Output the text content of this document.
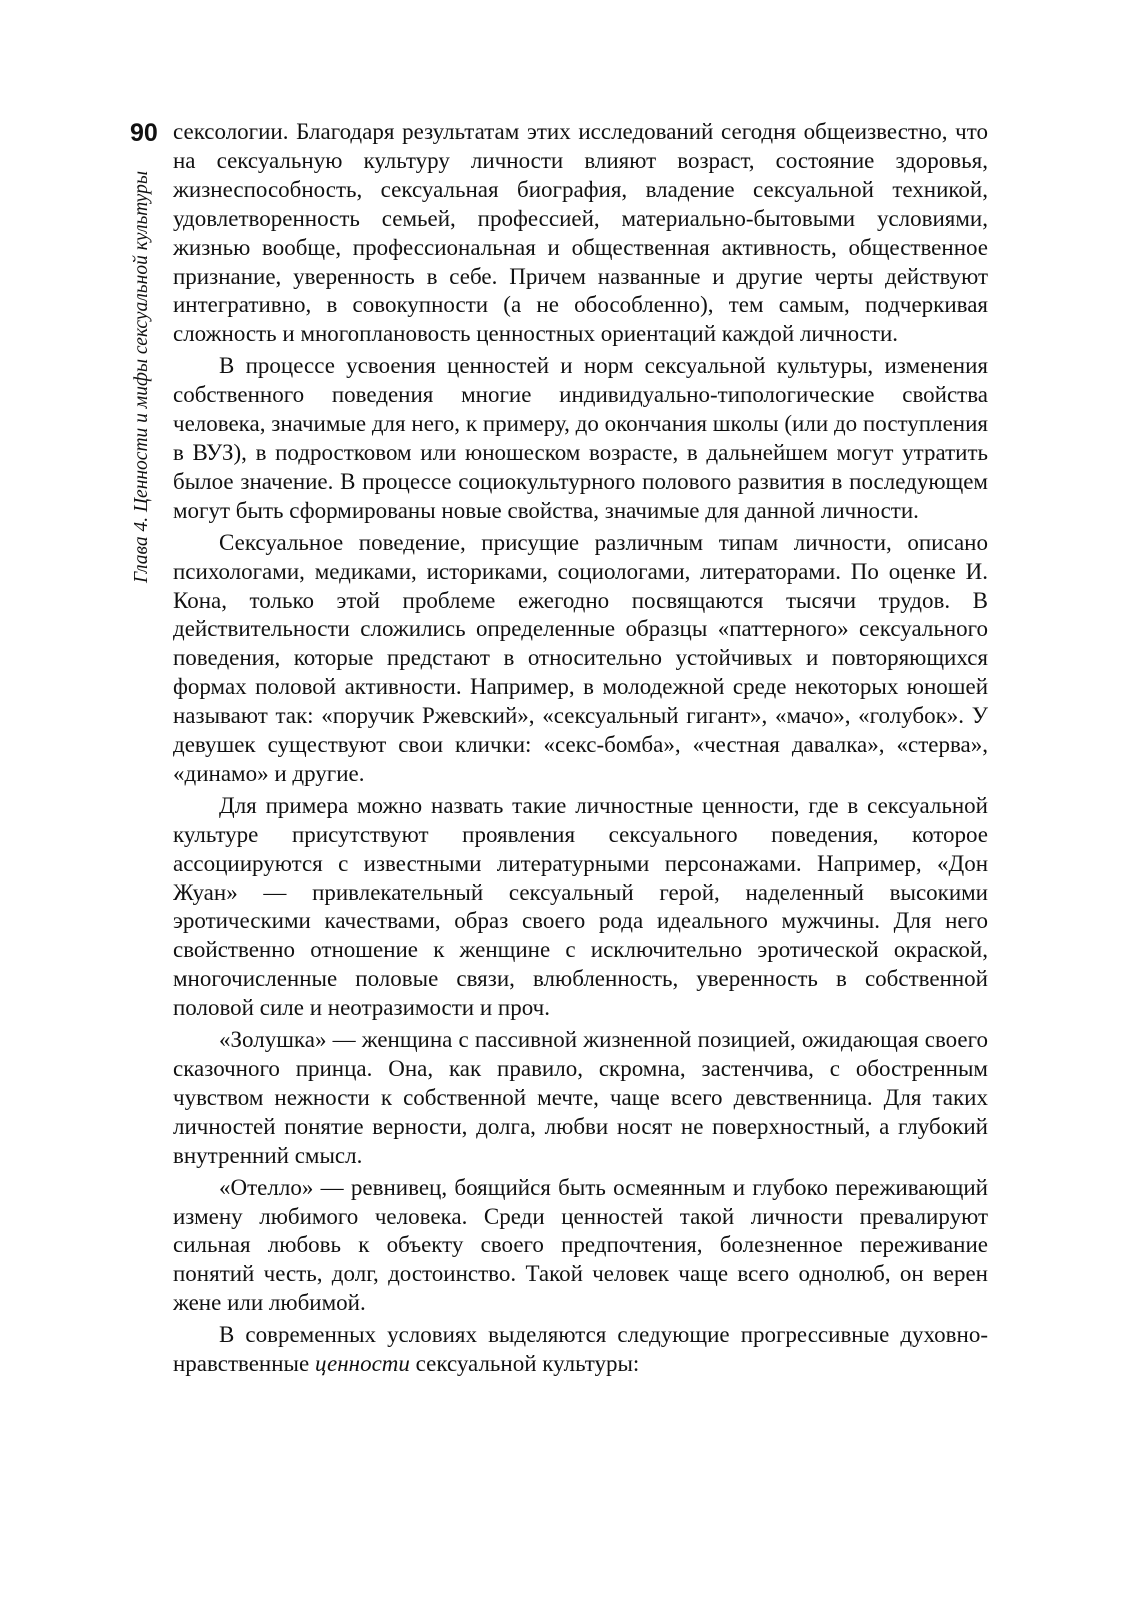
90
Глава 4. Ценности и мифы сексуальной культуры

сексологии. Благодаря результатам этих исследований сегодня общеизвестно, что на сексуальную культуру личности влияют возраст, состояние здоровья, жизнеспособность, сексуальная биография, владение сексуальной техникой, удовлетворенность семьей, профессией, материально-бытовыми условиями, жизнью вообще, профессиональная и общественная активность, общественное признание, уверенность в себе. Причем названные и другие черты действуют интегративно, в совокупности (а не обособленно), тем самым, подчеркивая сложность и многоплановость ценностных ориентаций каждой личности.

В процессе усвоения ценностей и норм сексуальной культуры, изменения собственного поведения многие индивидуально-типологические свойства человека, значимые для него, к примеру, до окончания школы (или до поступления в ВУЗ), в подростковом или юношеском возрасте, в дальнейшем могут утратить былое значение. В процессе социокультурного полового развития в последующем могут быть сформированы новые свойства, значимые для данной личности.

Сексуальное поведение, присущие различным типам личности, описано психологами, медиками, историками, социологами, литераторами. По оценке И. Кона, только этой проблеме ежегодно посвящаются тысячи трудов. В действительности сложились определенные образцы «паттерного» сексуального поведения, которые предстают в относительно устойчивых и повторяющихся формах половой активности. Например, в молодежной среде некоторых юношей называют так: «поручик Ржевский», «сексуальный гигант», «мачо», «голубок». У девушек существуют свои клички: «секс-бомба», «честная давалка», «стерва», «динамо» и другие.

Для примера можно назвать такие личностные ценности, где в сексуальной культуре присутствуют проявления сексуального поведения, которое ассоциируются с известными литературными персонажами. Например, «Дон Жуан» — привлекательный сексуальный герой, наделенный высокими эротическими качествами, образ своего рода идеального мужчины. Для него свойственно отношение к женщине с исключительно эротической окраской, многочисленные половые связи, влюбленность, уверенность в собственной половой силе и неотразимости и проч.

«Золушка» — женщина с пассивной жизненной позицией, ожидающая своего сказочного принца. Она, как правило, скромна, застенчива, с обостренным чувством нежности к собственной мечте, чаще всего девственница. Для таких личностей понятие верности, долга, любви носят не поверхностный, а глубокий внутренний смысл.

«Отелло» — ревнивец, боящийся быть осмеянным и глубоко переживающий измену любимого человека. Среди ценностей такой личности превалируют сильная любовь к объекту своего предпочтения, болезненное переживание понятий честь, долг, достоинство. Такой человек чаще всего однолюб, он верен жене или любимой.

В современных условиях выделяются следующие прогрессивные духовно-нравственные ценности сексуальной культуры:
